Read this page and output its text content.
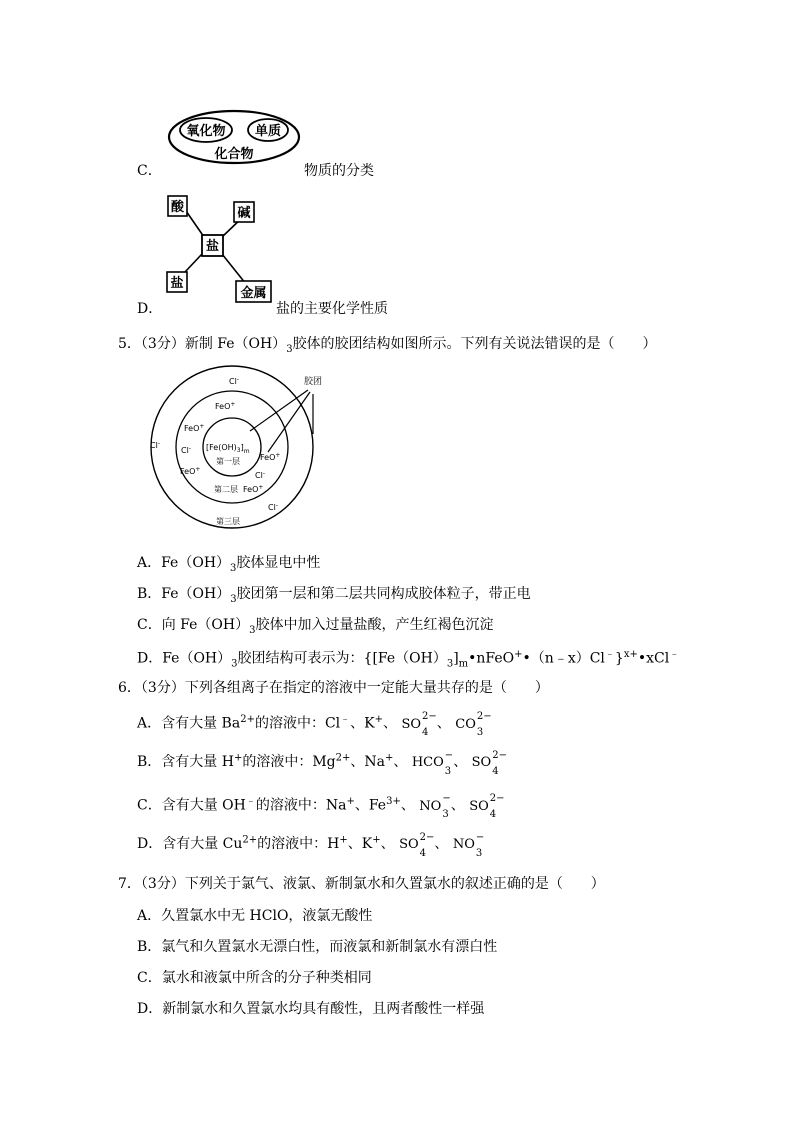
C．
氧化物 单质
化合物
物质的分类
D．
酸	碱
盐
盐
金属
盐的主要化学性质
5．（3分）新制 $Fe(OH)_3$胶体的胶团结构如图所示。下列有关说法错误的是（　　）
胶团
$[Fe(OH)_3]_m$
第一层
第二层
第三层
Cl-
Cl-
Cl-
Cl-
Cl-
FeO+
FeO+
FeO+
FeO+
FeO+
A．$Fe(OH)_3$胶体显电中性
B．$Fe(OH)_3$胶团第一层和第二层共同构成胶体粒子，带正电
C．向 $Fe(OH)_3$胶体中加入过量盐酸，产生红褐色沉淀
D．$Fe(OH)_3$胶团结构可表示为：$\{[Fe(OH)_3]_m•nFeO^+•(n﹣x)Cl^﹣\}^{x+}•xCl^﹣$
6．（3分）下列各组离子在指定的溶液中一定能大量共存的是（　　）
A．含有大量 $Ba^{2+}$的溶液中：Cl﹣、K+、 SO 2−
4
、 CO 2−
3
B．含有大量 H+的溶液中：$Mg^{2+}$、Na+、 HCO −
3
、 SO 2−
4
C．含有大量 OH﹣的溶液中：Na+、$Fe^{3+}$、 NO −
3
、 SO 2−
4
D．含有大量 $Cu^{2+}$的溶液中：H+、K+、 SO 2−
4
、 NO −
3
7．（3分）下列关于氯气、液氯、新制氯水和久置氯水的叙述正确的是（　　）
A．久置氯水中无 HClO，液氯无酸性
B．氯气和久置氯水无漂白性，而液氯和新制氯水有漂白性
C．氯水和液氯中所含的分子种类相同
D．新制氯水和久置氯水均具有酸性，且两者酸性一样强
